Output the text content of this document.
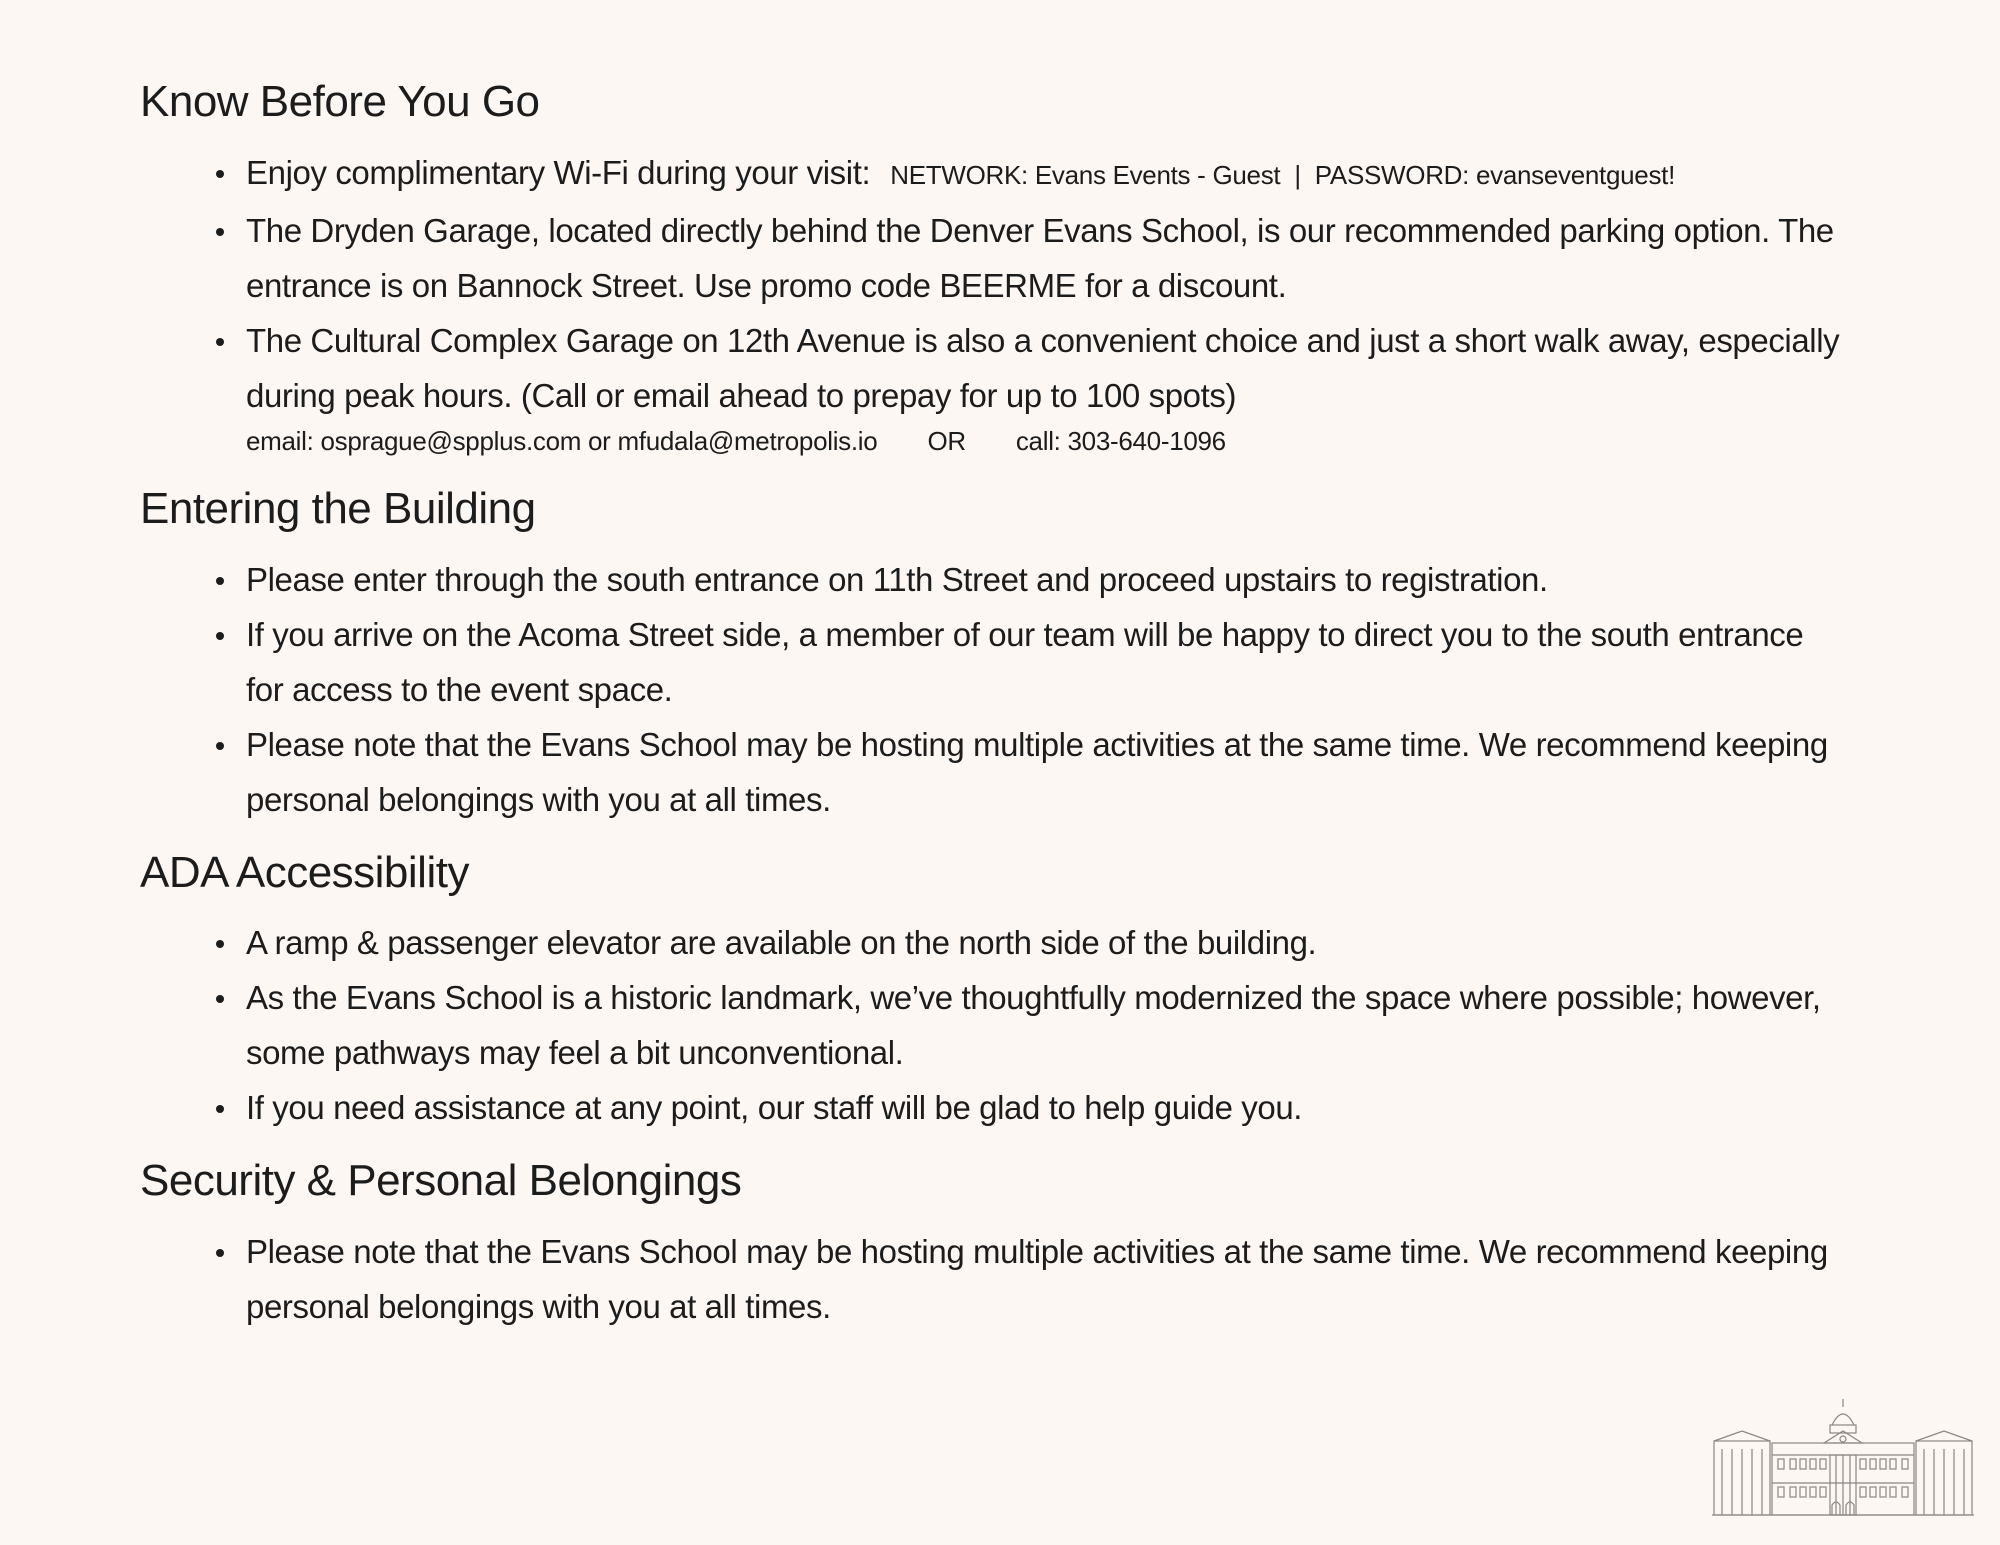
Know Before You Go
Enjoy complimentary Wi-Fi during your visit: NETWORK: Evans Events - Guest | PASSWORD: evanseventguest!
The Dryden Garage, located directly behind the Denver Evans School, is our recommended parking option. The entrance is on Bannock Street. Use promo code BEERME for a discount.
The Cultural Complex Garage on 12th Avenue is also a convenient choice and just a short walk away, especially during peak hours. (Call or email ahead to prepay for up to 100 spots)
email: osprague@spplus.com or mfudala@metropolis.io OR call: 303-640-1096
Entering the Building
Please enter through the south entrance on 11th Street and proceed upstairs to registration.
If you arrive on the Acoma Street side, a member of our team will be happy to direct you to the south entrance for access to the event space.
Please note that the Evans School may be hosting multiple activities at the same time. We recommend keeping personal belongings with you at all times.
ADA Accessibility
A ramp & passenger elevator are available on the north side of the building.
As the Evans School is a historic landmark, we’ve thoughtfully modernized the space where possible; however, some pathways may feel a bit unconventional.
If you need assistance at any point, our staff will be glad to help guide you.
Security & Personal Belongings
Please note that the Evans School may be hosting multiple activities at the same time. We recommend keeping personal belongings with you at all times.
